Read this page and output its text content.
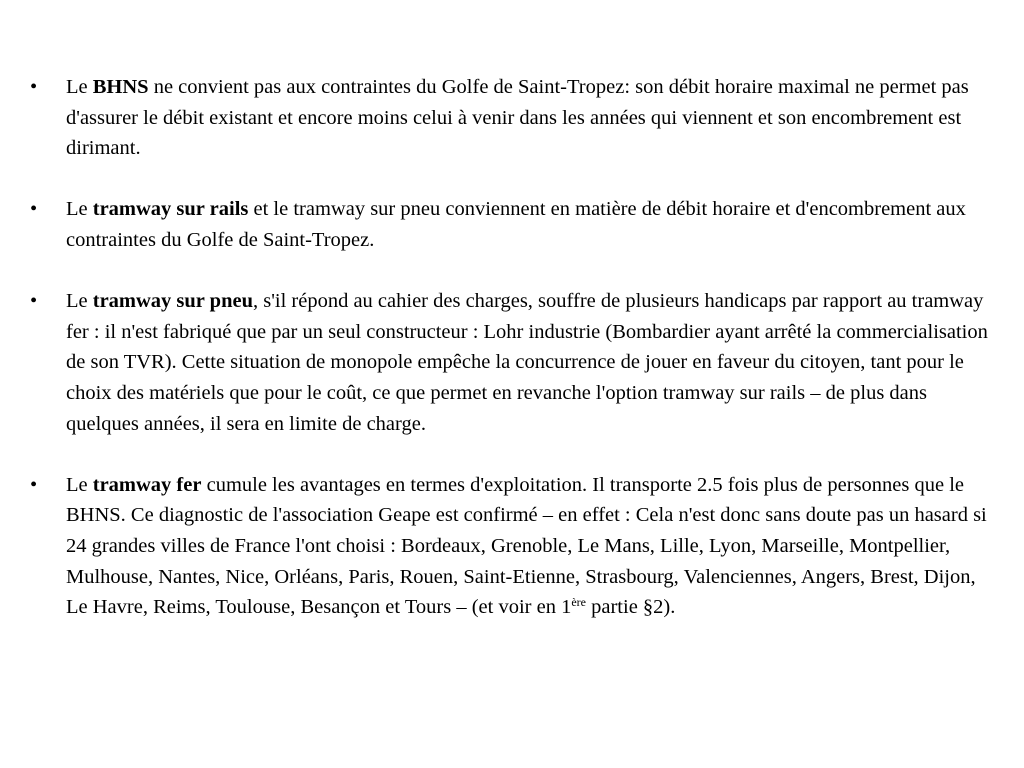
•	Le BHNS ne convient pas aux contraintes du Golfe de Saint-Tropez: son débit horaire maximal ne permet pas d'assurer le débit existant et encore moins celui à venir dans les années qui viennent et son encombrement est dirimant.
•	Le tramway sur rails et le tramway sur pneu conviennent en matière de débit horaire et d'encombrement aux contraintes du Golfe de Saint-Tropez.
•	Le tramway sur pneu, s'il répond au cahier des charges, souffre de plusieurs handicaps par rapport au tramway fer : il n'est fabriqué que par un seul constructeur : Lohr industrie (Bombardier ayant arrêté la commercialisation de son TVR). Cette situation de monopole empêche la concurrence de jouer en faveur du citoyen, tant pour le choix des matériels que pour le coût, ce que permet en revanche l'option tramway sur rails – de plus dans quelques années, il sera en limite de charge.
•	Le tramway fer cumule les avantages en termes d'exploitation. Il transporte 2.5 fois plus de personnes que le BHNS. Ce diagnostic de l'association Geape est confirmé – en effet : Cela n'est donc sans doute pas un hasard si 24 grandes villes de France l'ont choisi : Bordeaux, Grenoble, Le Mans, Lille, Lyon, Marseille, Montpellier, Mulhouse, Nantes, Nice, Orléans, Paris, Rouen, Saint-Etienne, Strasbourg, Valenciennes, Angers, Brest, Dijon, Le Havre, Reims, Toulouse, Besançon et Tours – (et voir en 1ère partie §2).
